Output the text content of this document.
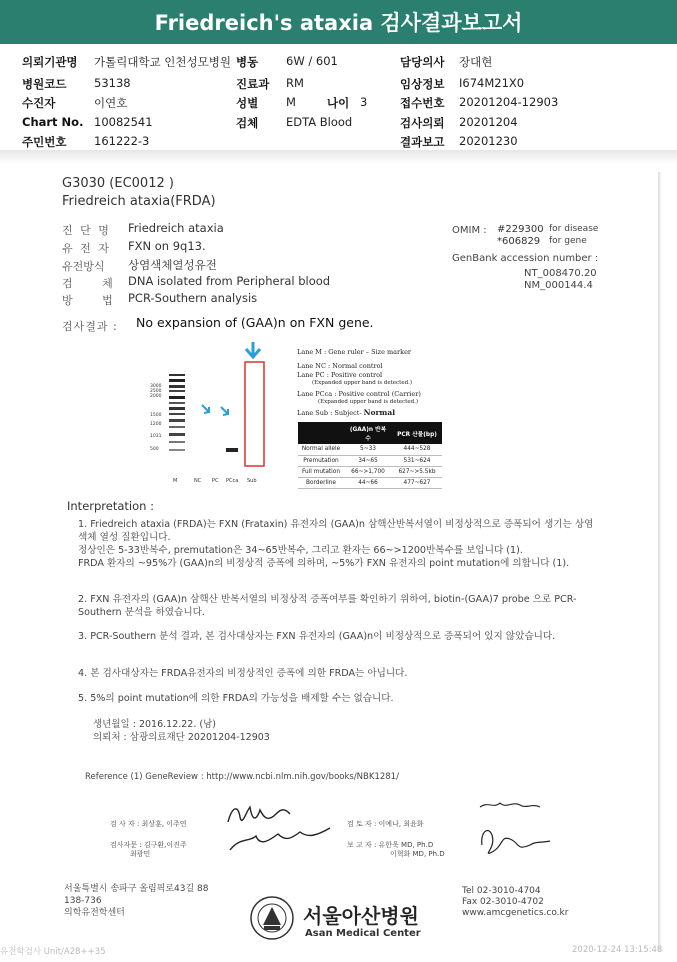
Friedreich's ataxia 검사결과보고서
의뢰기관명 가톨릭대학교 인천성모병원 병동 6W / 601	담당의사 장대현
병원코드 53138	진료과 RM	임상정보 I674M21X0
수진자	이연호	성별 M	나이 3	접수번호 20201204-12903
Chart No. 10082541	검체 EDTA Blood	검사의뢰 20201204
주민번호 161222-3	결과보고 20201230
G3030 (EC0012 )
Friedreich ataxia(FRDA)
진 단 명 Friedreich ataxia
유 전 자 FXN on 9q13.
유전방식 상염색체열성유전
검     체 DNA isolated from Peripheral blood
방     법 PCR-Southern analysis
검사결과 : No expansion of (GAA)n on FXN gene.
OMIM : #229300 for disease
*606829 for gene
GenBank accession number :
NT_008470.20
NM_000144.4
3000
2500
2000
1500
1200
1031
500
M	NC PC PCca Sub
Lane M : Gene ruler – Size marker
Lane NC : Normal control
Lane PC : Positive control
(Expanded upper band is detected.)
Lane PCca : Positive control (Carrier)
(Expanded upper band is detected.)
Lane Sub : Subject- Normal
	(GAA)n 반복 수	PCR 산물(bp)
Normal allele	5~33	444~528
Premutation	34~65	531~624
Full mutation	66~>1,700	627~>5.5kb
Borderline	44~66	477~627
Interpretation :
1. Friedreich ataxia (FRDA)는 FXN (Frataxin) 유전자의 (GAA)n 삼핵산반복서열이 비정상적으로 증폭되어 생기는 상염색체 열성 질환입니다.
정상인은 5-33반복수, premutation은 34~65반복수, 그리고 환자는 66~>1200반복수를 보입니다 (1).
FRDA 환자의 ~95%가 (GAA)n의 비정상적 증폭에 의하며, ~5%가 FXN 유전자의 point mutation에 의합니다 (1).
2. FXN 유전자의 (GAA)n 삼핵산 반복서열의 비정상적 증폭여부를 확인하기 위하여, biotin-(GAA)7 probe 으로 PCR-Southern 분석을 하였습니다.
3. PCR-Southern 분석 결과, 본 검사대상자는 FXN 유전자의 (GAA)n이 비정상적으로 증폭되어 있지 않았습니다.
4. 본 검사대상자는 FRDA유전자의 비정상적인 증폭에 의한 FRDA는 아닙니다.
5. 5%의 point mutation에 의한 FRDA의 가능성을 배제할 수는 없습니다.
생년월일 : 2016.12.22. (남)
의뢰처 : 삼광의료재단 20201204-12903
Reference (1) GeneReview : http://www.ncbi.nlm.nih.gov/books/NBK1281/
검 사 자 : 최상훈, 이주연
검사자문 : 김구환,이진주
최광민
검 토 자 : 이예나, 최윤화
보 고 자 : 유한욱 MD, Ph.D
이혁화 MD, Ph.D
서울특별시 송파구 올림픽로43길 88
138-736
의학유전학센터	서울아산병원
Asan Medical Center
Tel 02-3010-4704
Fax 02-3010-4702
www.amcgenetics.co.kr
유전학검사 Unit/A28++35	2020-12-24 13:15:48
